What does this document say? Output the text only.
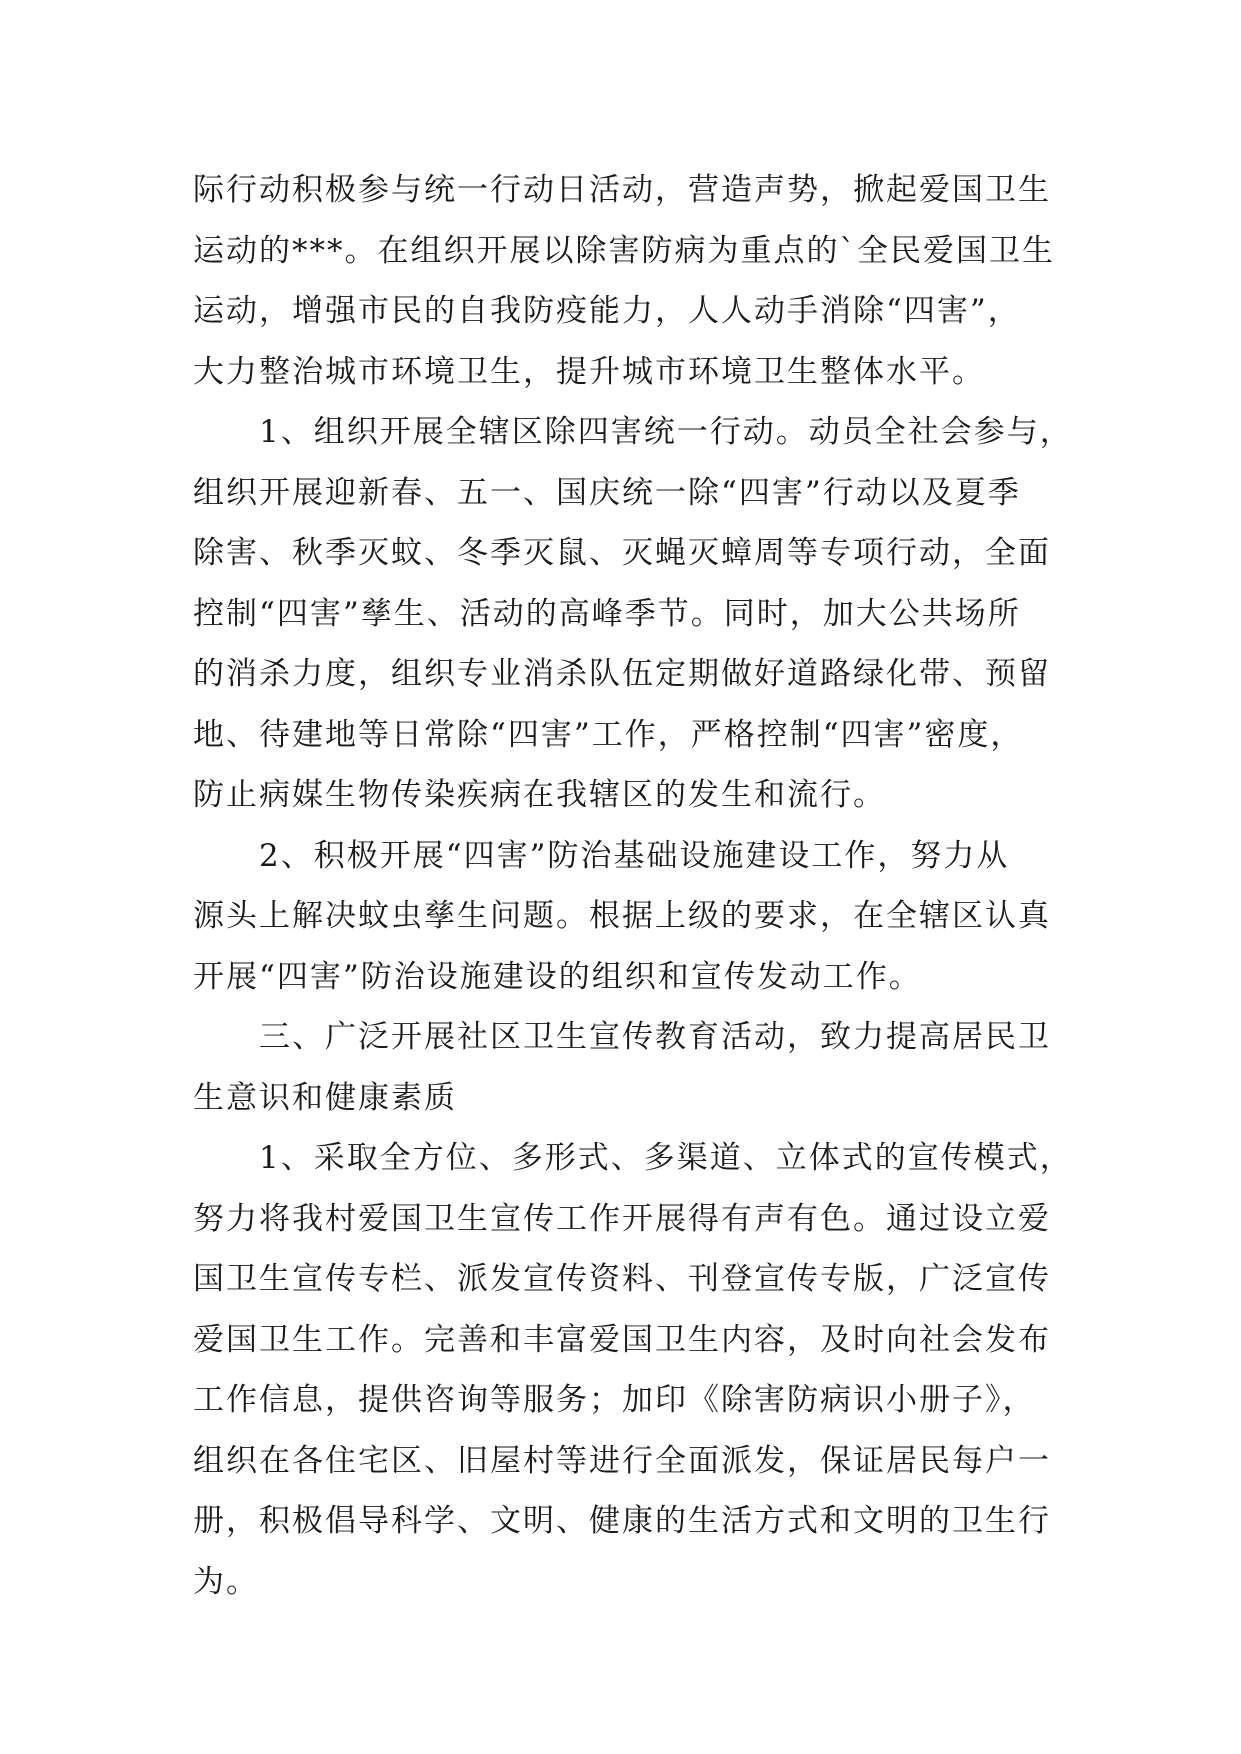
际行动积极参与统一行动日活动，营造声势，掀起爱国卫生
运动的***。在组织开展以除害防病为重点的`全民爱国卫生
运动，增强市民的自我防疫能力，人人动手消除“四害”，
大力整治城市环境卫生，提升城市环境卫生整体水平。
1、组织开展全辖区除四害统一行动。动员全社会参与，
组织开展迎新春、五一、国庆统一除“四害”行动以及夏季
除害、秋季灭蚊、冬季灭鼠、灭蝇灭蟑周等专项行动，全面
控制“四害”孳生、活动的高峰季节。同时，加大公共场所
的消杀力度，组织专业消杀队伍定期做好道路绿化带、预留
地、待建地等日常除“四害”工作，严格控制“四害”密度，
防止病媒生物传染疾病在我辖区的发生和流行。
2、积极开展“四害”防治基础设施建设工作，努力从
源头上解决蚊虫孳生问题。根据上级的要求，在全辖区认真
开展“四害”防治设施建设的组织和宣传发动工作。
三、广泛开展社区卫生宣传教育活动，致力提高居民卫
生意识和健康素质
1、采取全方位、多形式、多渠道、立体式的宣传模式，
努力将我村爱国卫生宣传工作开展得有声有色。通过设立爱
国卫生宣传专栏、派发宣传资料、刊登宣传专版，广泛宣传
爱国卫生工作。完善和丰富爱国卫生内容，及时向社会发布
工作信息，提供咨询等服务；加印《除害防病识小册子》，
组织在各住宅区、旧屋村等进行全面派发，保证居民每户一
册，积极倡导科学、文明、健康的生活方式和文明的卫生行
为。
